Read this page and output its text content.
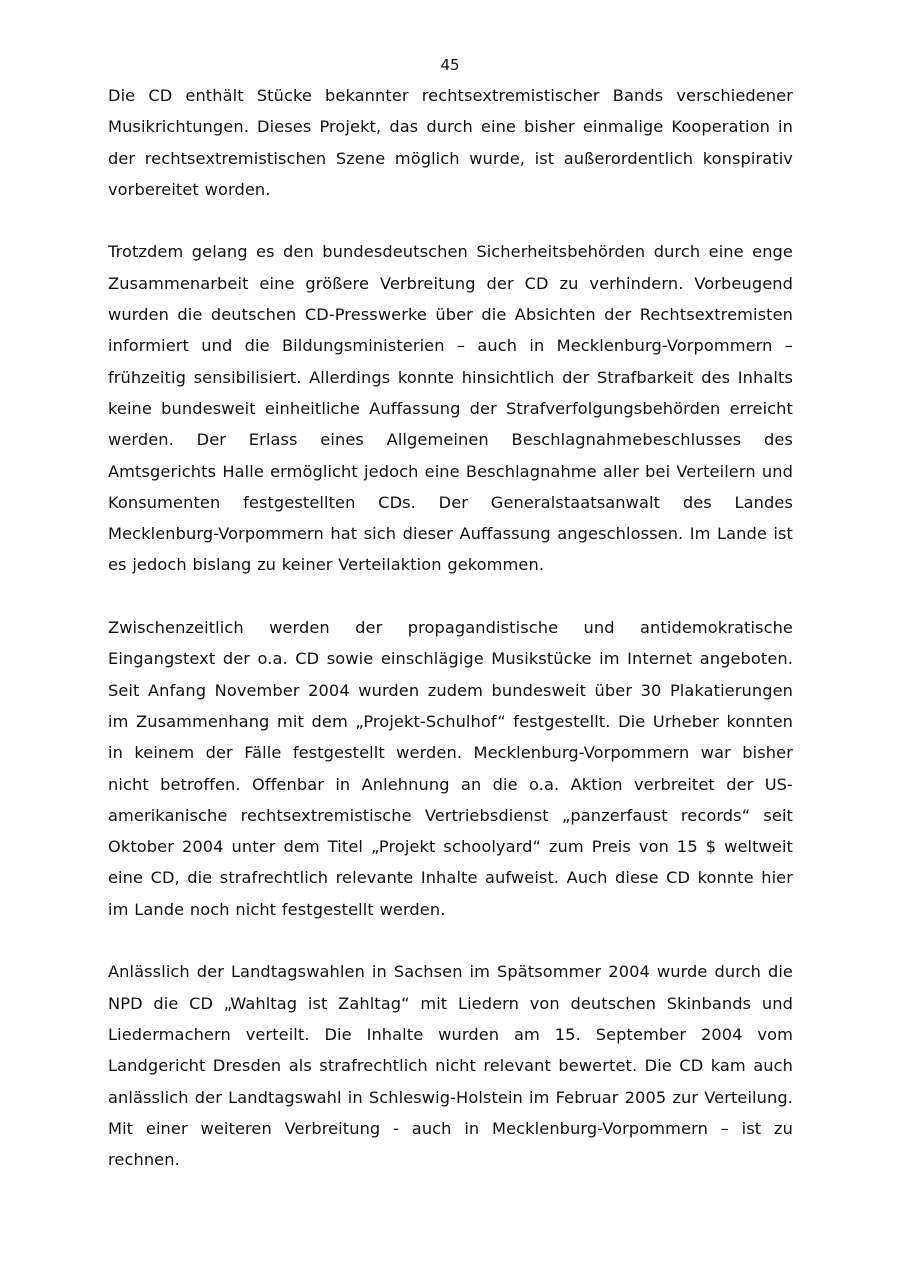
45

Die CD enthält Stücke bekannter rechtsextremistischer Bands verschiedener Musikrichtungen. Dieses Projekt, das durch eine bisher einmalige Kooperation in der rechtsextremistischen Szene möglich wurde, ist außerordentlich konspirativ vorbereitet worden.

Trotzdem gelang es den bundesdeutschen Sicherheitsbehörden durch eine enge Zusammenarbeit eine größere Verbreitung der CD zu verhindern. Vorbeugend wurden die deutschen CD-Presswerke über die Absichten der Rechtsextremisten informiert und die Bildungsministerien – auch in Mecklenburg-Vorpommern – frühzeitig sensibilisiert. Allerdings konnte hinsichtlich der Strafbarkeit des Inhalts keine bundesweit einheitliche Auffassung der Strafverfolgungsbehörden erreicht werden. Der Erlass eines Allgemeinen Beschlagnahmebeschlusses des Amtsgerichts Halle ermöglicht jedoch eine Beschlagnahme aller bei Verteilern und Konsumenten festgestellten CDs. Der Generalstaatsanwalt des Landes Mecklenburg-Vorpommern hat sich dieser Auffassung angeschlossen. Im Lande ist es jedoch bislang zu keiner Verteilaktion gekommen.

Zwischenzeitlich werden der propagandistische und antidemokratische Eingangstext der o.a. CD sowie einschlägige Musikstücke im Internet angeboten. Seit Anfang November 2004 wurden zudem bundesweit über 30 Plakatierungen im Zusammenhang mit dem „Projekt-Schulhof“ festgestellt. Die Urheber konnten in keinem der Fälle festgestellt werden. Mecklenburg-Vorpommern war bisher nicht betroffen. Offenbar in Anlehnung an die o.a. Aktion verbreitet der US-amerikanische rechtsextremistische Vertriebsdienst „panzerfaust records“ seit Oktober 2004 unter dem Titel „Projekt schoolyard“ zum Preis von 15 $ weltweit eine CD, die strafrechtlich relevante Inhalte aufweist. Auch diese CD konnte hier im Lande noch nicht festgestellt werden.

Anlässlich der Landtagswahlen in Sachsen im Spätsommer 2004 wurde durch die NPD die CD „Wahltag ist Zahltag“ mit Liedern von deutschen Skinbands und Liedermachern verteilt. Die Inhalte wurden am 15. September 2004 vom Landgericht Dresden als strafrechtlich nicht relevant bewertet. Die CD kam auch anlässlich der Landtagswahl in Schleswig-Holstein im Februar 2005 zur Verteilung. Mit einer weiteren Verbreitung - auch in Mecklenburg-Vorpommern – ist zu rechnen.
